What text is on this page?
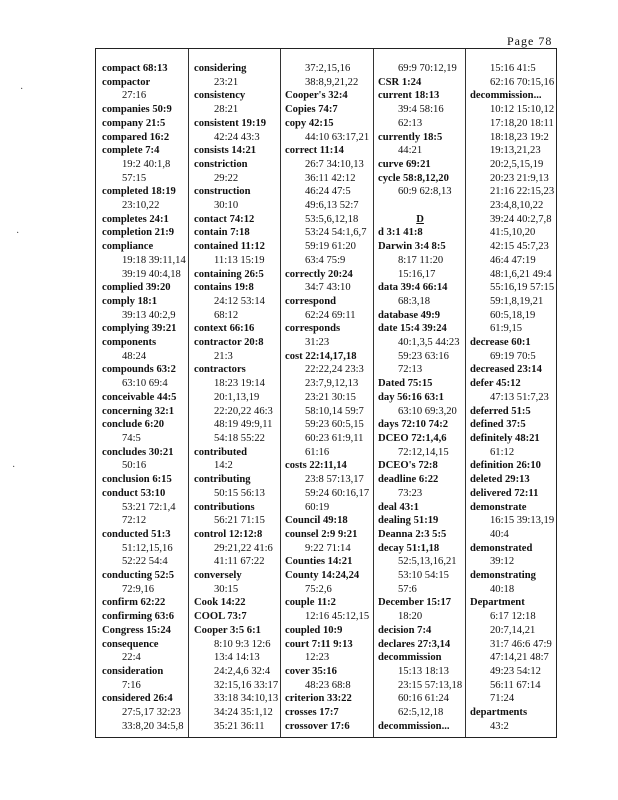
Page 78
compact 68:13
compactor
27:16
companies 50:9
company 21:5
compared 16:2
complete 7:4
19:2 40:1,8
57:15
completed 18:19
23:10,22
completes 24:1
completion 21:9
compliance
19:18 39:11,14
39:19 40:4,18
complied 39:20
comply 18:1
39:13 40:2,9
complying 39:21
components
48:24
compounds 63:2
63:10 69:4
conceivable 44:5
concerning 32:1
conclude 6:20
74:5
concludes 30:21
50:16
conclusion 6:15
conduct 53:10
53:21 72:1,4
72:12
conducted 51:3
51:12,15,16
52:22 54:4
conducting 52:5
72:9,16
confirm 62:22
confirming 63:6
Congress 15:24
consequence
22:4
consideration
7:16
considered 26:4
27:5,17 32:23
33:8,20 34:5,8
considering
23:21
consistency
28:21
consistent 19:19
42:24 43:3
consists 14:21
constriction
29:22
construction
30:10
contact 74:12
contain 7:18
contained 11:12
11:13 15:19
containing 26:5
contains 19:8
24:12 53:14
68:12
context 66:16
contractor 20:8
21:3
contractors
18:23 19:14
20:1,13,19
22:20,22 46:3
48:19 49:9,11
54:18 55:22
contributed
14:2
contributing
50:15 56:13
contributions
56:21 71:15
control 12:12:8
29:21,22 41:6
41:11 67:22
conversely
30:15
Cook 14:22
COOL 73:7
Cooper 3:5 6:1
8:10 9:3 12:6
13:4 14:13
24:2,4,6 32:4
32:15,16 33:17
33:18 34:10,13
34:24 35:1,12
35:21 36:11
37:2,15,16
38:8,9,21,22
Cooper's 32:4
Copies 74:7
copy 42:15
44:10 63:17,21
correct 11:14
26:7 34:10,13
36:11 42:12
46:24 47:5
49:6,13 52:7
53:5,6,12,18
53:24 54:1,6,7
59:19 61:20
63:4 75:9
correctly 20:24
34:7 43:10
correspond
62:24 69:11
corresponds
31:23
cost 22:14,17,18
22:22,24 23:3
23:7,9,12,13
23:21 30:15
58:10,14 59:7
59:23 60:5,15
60:23 61:9,11
61:16
costs 22:11,14
23:8 57:13,17
59:24 60:16,17
60:19
Council 49:18
counsel 2:9 9:21
9:22 71:14
Counties 14:21
County 14:24,24
75:2,6
couple 11:2
12:16 45:12,15
coupled 10:9
court 7:11 9:13
12:23
cover 35:16
48:23 68:8
criterion 33:22
crosses 17:7
crossover 17:6
69:9 70:12,19
CSR 1:24
current 18:13
39:4 58:16
62:13
currently 18:5
44:21
curve 69:21
cycle 58:8,12,20
60:9 62:8,13

D
d 3:1 41:8
Darwin 3:4 8:5
8:17 11:20
15:16,17
data 39:4 66:14
68:3,18
database 49:9
date 15:4 39:24
40:1,3,5 44:23
59:23 63:16
72:13
Dated 75:15
day 56:16 63:1
63:10 69:3,20
days 72:10 74:2
DCEO 72:1,4,6
72:12,14,15
DCEO's 72:8
deadline 6:22
73:23
deal 43:1
dealing 51:19
Deanna 2:3 5:5
decay 51:1,18
52:5,13,16,21
53:10 54:15
57:6
December 15:17
18:20
decision 7:4
declares 27:3,14
decommission
15:13 18:13
23:15 57:13,18
60:16 61:24
62:5,12,18
decommission...
15:16 41:5
62:16 70:15,16
decommission...
10:12 15:10,12
17:18,20 18:11
18:18,23 19:2
19:13,21,23
20:2,5,15,19
20:23 21:9,13
21:16 22:15,23
23:4,8,10,22
39:24 40:2,7,8
41:5,10,20
42:15 45:7,23
46:4 47:19
48:1,6,21 49:4
55:16,19 57:15
59:1,8,19,21
60:5,18,19
61:9,15
decrease 60:1
69:19 70:5
decreased 23:14
defer 45:12
47:13 51:7,23
deferred 51:5
defined 37:5
definitely 48:21
61:12
definition 26:10
deleted 29:13
delivered 72:11
demonstrate
16:15 39:13,19
40:4
demonstrated
39:12
demonstrating
40:18
Department
6:17 12:18
20:7,14,21
31:7 46:6 47:9
47:14,21 48:7
49:23 54:12
56:11 67:14
71:24
departments
43:2
·
·
·
